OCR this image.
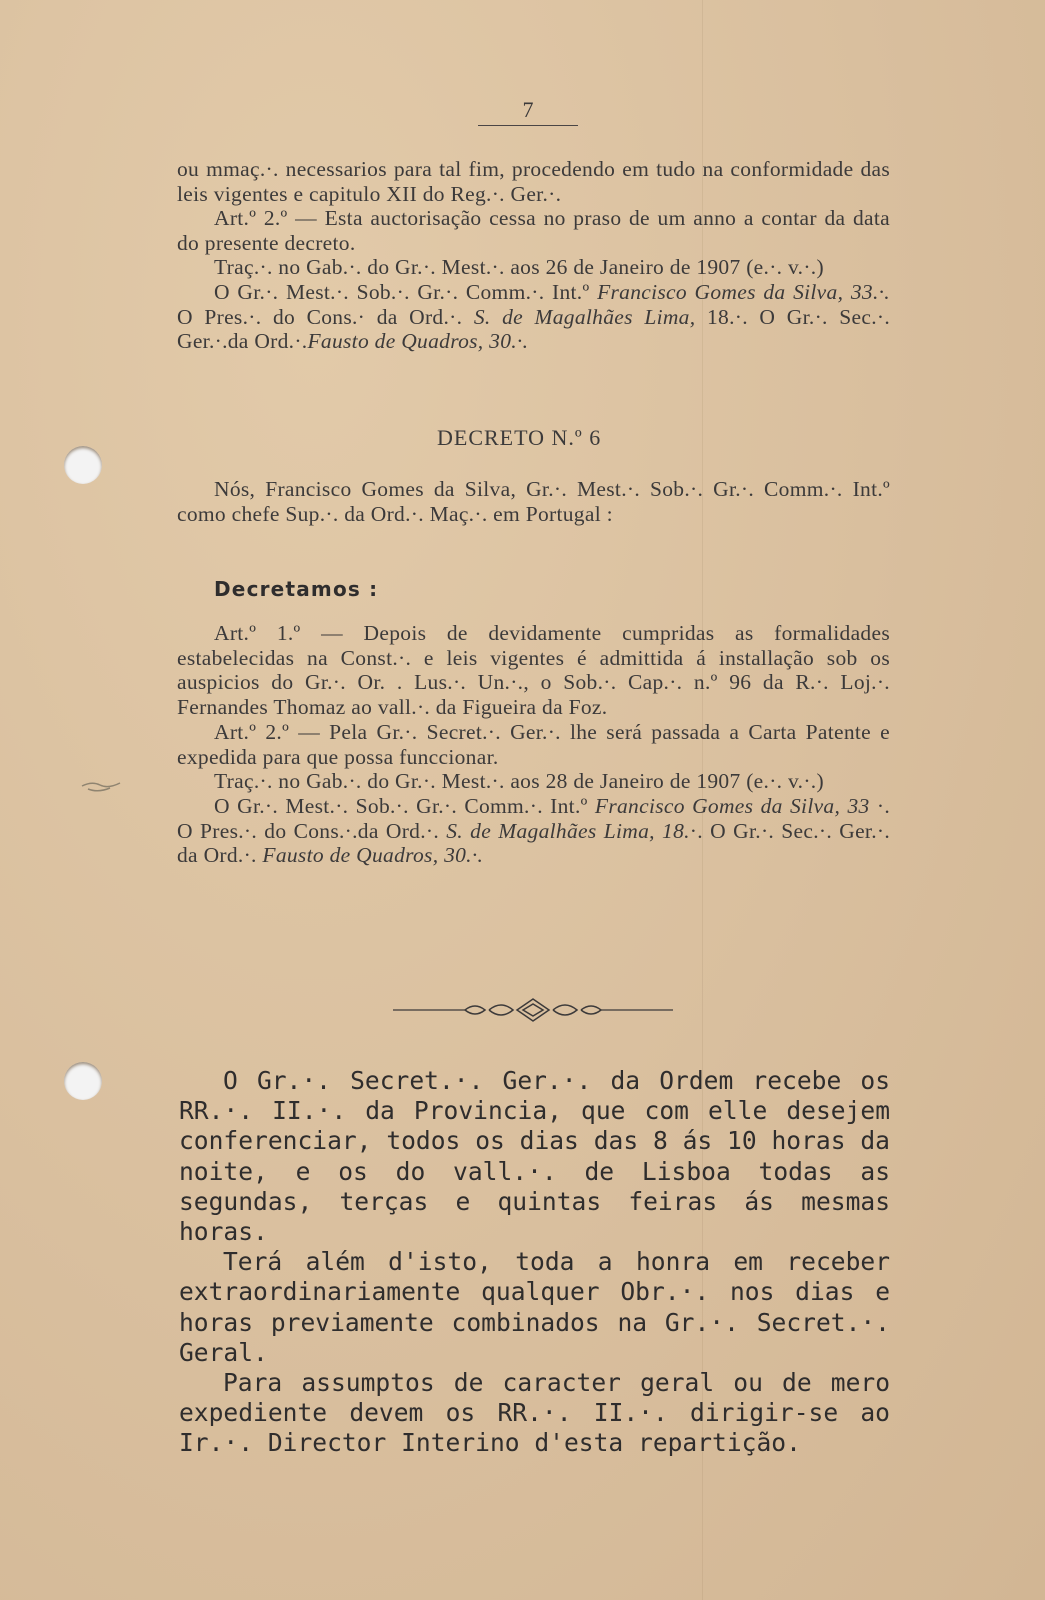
7

ou mmaç.·. necessarios para tal fim, procedendo em tudo na conformidade das leis vigentes e capitulo XII do Reg.·. Ger.·.

Art.º 2.º — Esta auctorisação cessa no praso de um anno a contar da data do presente decreto.

Traç.·. no Gab.·. do Gr.·. Mest.·. aos 26 de Janeiro de 1907 (e.·. v.·.)

O Gr.·. Mest.·. Sob.·. Gr.·. Comm.·. Int.º Francisco Gomes da Silva, 33.·. O Pres.·. do Cons.· da Ord.·. S. de Magalhães Lima, 18.·. O Gr.·. Sec.·. Ger.·.da Ord.·.Fausto de Quadros, 30.·.

DECRETO N.º 6

Nós, Francisco Gomes da Silva, Gr.·. Mest.·. Sob.·. Gr.·. Comm.·. Int.º como chefe Sup.·. da Ord.·. Maç.·. em Portugal :

Decretamos :

Art.º 1.º — Depois de devidamente cumpridas as formalidades estabelecidas na Const.·. e leis vigentes é admittida á installação sob os auspicios do Gr.·. Or. . Lus.·. Un.·., o Sob.·. Cap.·. n.º 96 da R.·. Loj.·. Fernandes Thomaz ao vall.·. da Figueira da Foz.

Art.º 2.º — Pela Gr.·. Secret.·. Ger.·. lhe será passada a Carta Patente e expedida para que possa funccionar.

Traç.·. no Gab.·. do Gr.·. Mest.·. aos 28 de Janeiro de 1907 (e.·. v.·.)

O Gr.·. Mest.·. Sob.·. Gr.·. Comm.·. Int.º Francisco Gomes da Silva, 33 ·. O Pres.·. do Cons.·.da Ord.·. S. de Magalhães Lima, 18.·. O Gr.·. Sec.·. Ger.·. da Ord.·. Fausto de Quadros, 30.·.

O Gr.·. Secret.·. Ger.·. da Ordem recebe os RR.·. II.·. da Provincia, que com elle desejem conferenciar, todos os dias das 8 ás 10 horas da noite, e os do vall.·. de Lisboa todas as segundas, terças e quintas feiras ás mesmas horas.

Terá além d'isto, toda a honra em receber extraordinariamente qualquer Obr.·. nos dias e horas previamente combinados na Gr.·. Secret.·. Geral.

Para assumptos de caracter geral ou de mero expediente devem os RR.·. II.·. dirigir-se ao Ir.·. Director Interino d'esta repartição.
